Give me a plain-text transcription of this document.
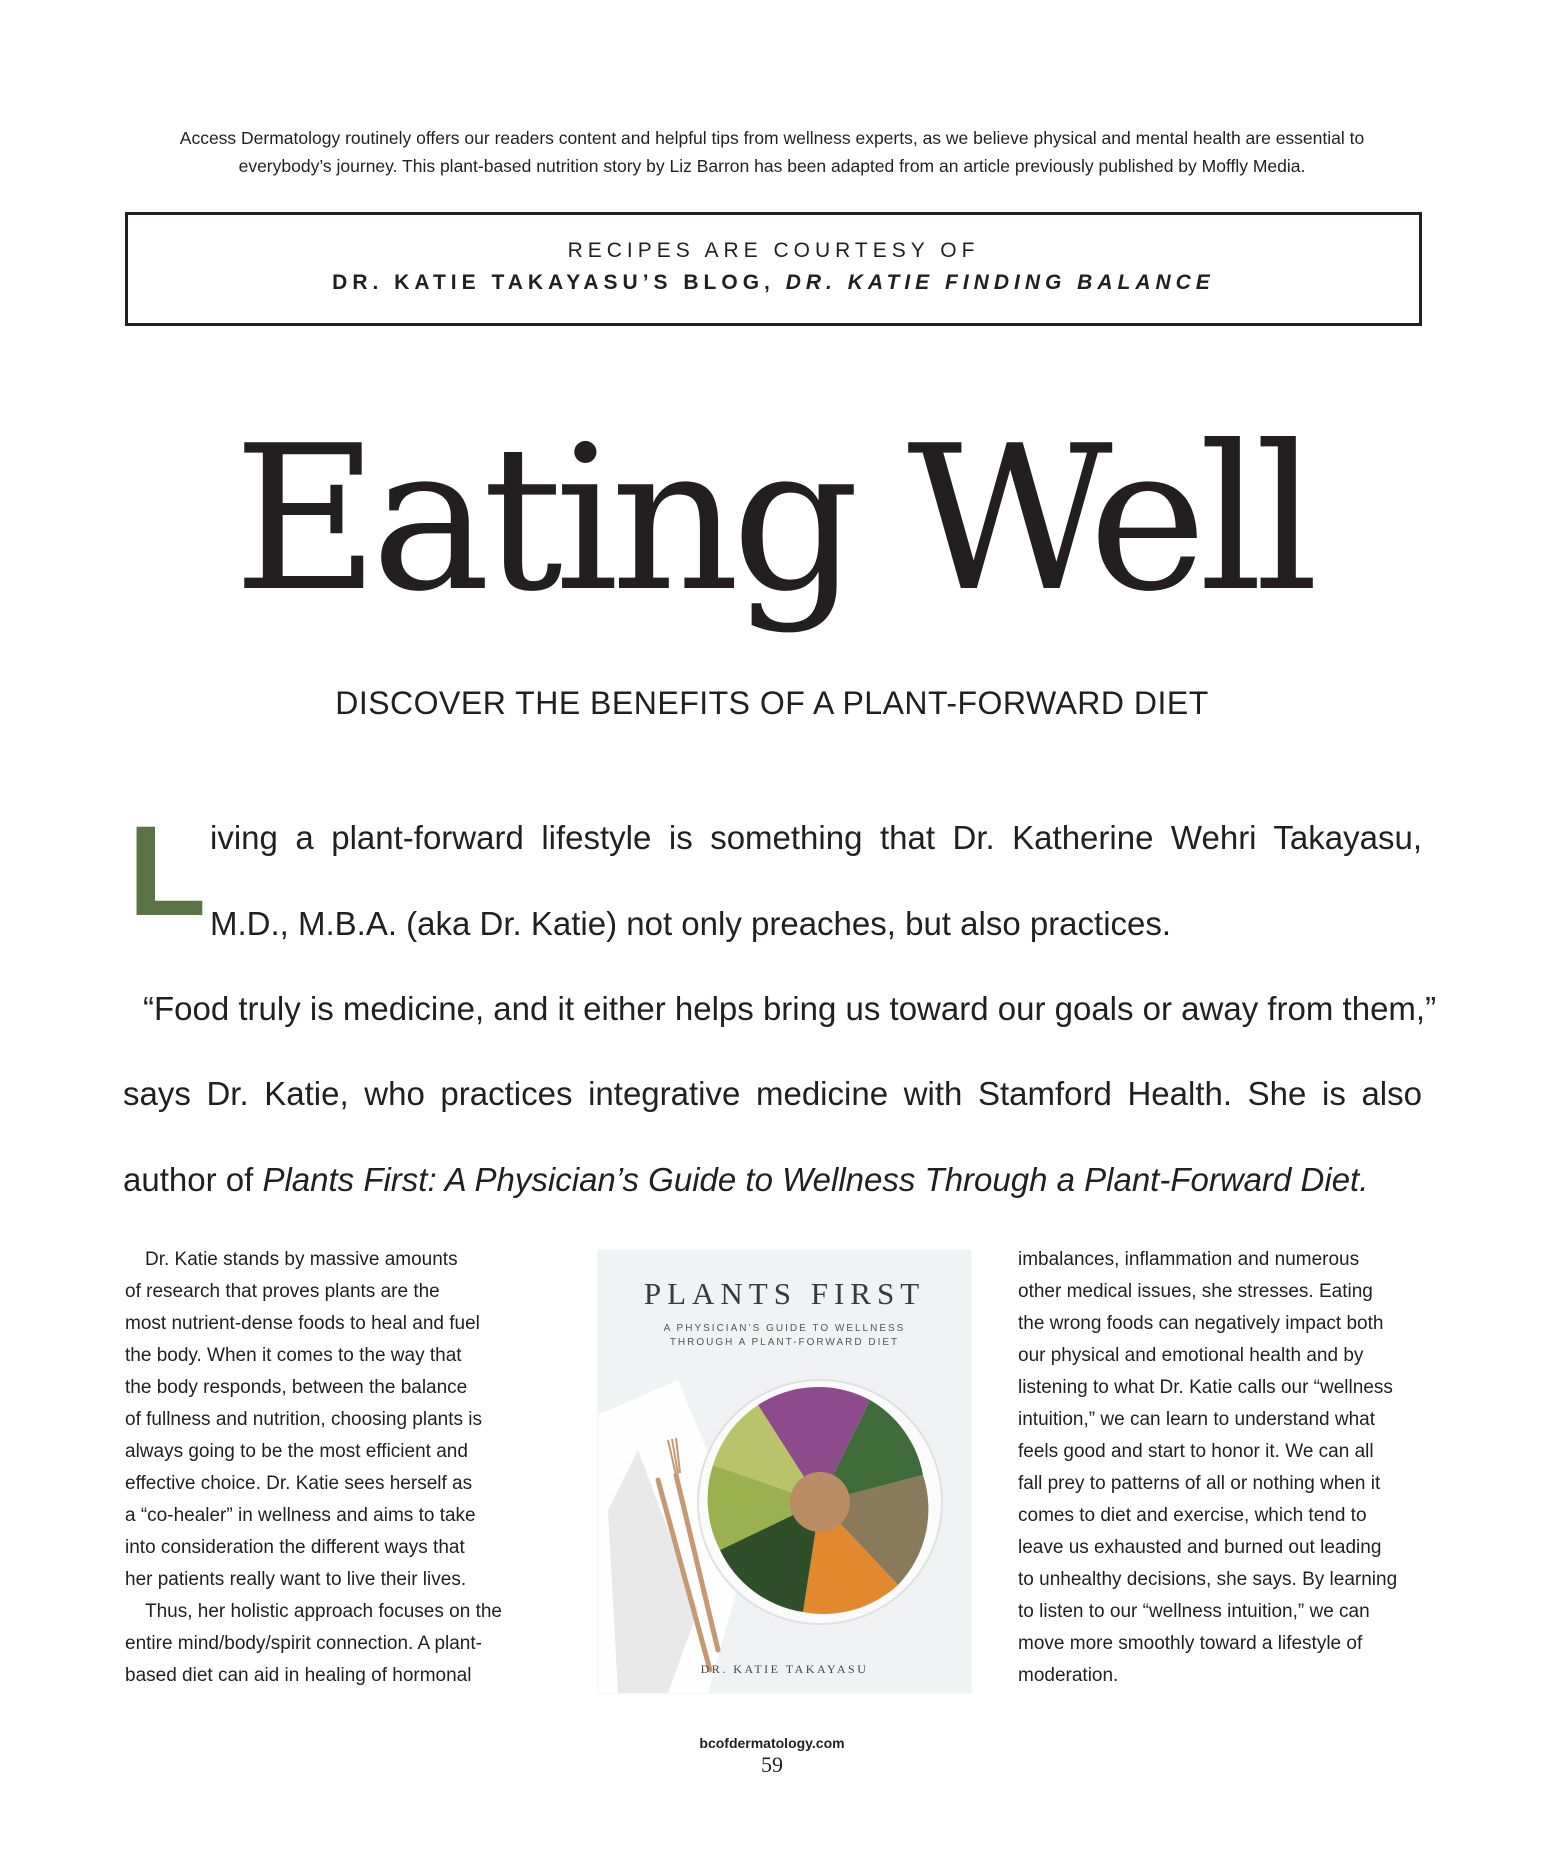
Access Dermatology routinely offers our readers content and helpful tips from wellness experts, as we believe physical and mental health are essential to

everybody’s journey. This plant-based nutrition story by Liz Barron has been adapted from an article previously published by Moffly Media.

RECIPES ARE COURTESY OF
DR. KATIE TAKAYASU’S BLOG, DR. KATIE FINDING BALANCE
Eating Well
DISCOVER THE BENEFITS OF A PLANT-FORWARD DIET
L iving a plant-forward lifestyle is something that Dr. Katherine Wehri Takayasu,
M.D., M.B.A. (aka Dr. Katie) not only preaches, but also practices.
“Food truly is medicine, and it either helps bring us toward our goals or away from them,”
says Dr. Katie, who practices integrative medicine with Stamford Health. She is also
author of Plants First: A Physician’s Guide to Wellness Through a Plant-Forward Diet.

Dr. Katie stands by massive amounts
of research that proves plants are the
most nutrient-dense foods to heal and fuel
the body. When it comes to the way that
the body responds, between the balance
of fullness and nutrition, choosing plants is
always going to be the most efficient and
effective choice. Dr. Katie sees herself as
a “co-healer” in wellness and aims to take
into consideration the different ways that
her patients really want to live their lives.

Thus, her holistic approach focuses on the
entire mind/body/spirit connection. A plant-
based diet can aid in healing of hormonal

PLANTS FIRST
A PHYSICIAN’S GUIDE TO WELLNESS
THROUGH A PLANT-FORWARD DIET
DR. KATIE TAKAYASU

imbalances, inflammation and numerous
other medical issues, she stresses. Eating
the wrong foods can negatively impact both
our physical and emotional health and by
listening to what Dr. Katie calls our “wellness
intuition,” we can learn to understand what
feels good and start to honor it. We can all
fall prey to patterns of all or nothing when it
comes to diet and exercise, which tend to
leave us exhausted and burned out leading
to unhealthy decisions, she says. By learning
to listen to our “wellness intuition,” we can
move more smoothly toward a lifestyle of
moderation.

bcofdermatology.com
59
